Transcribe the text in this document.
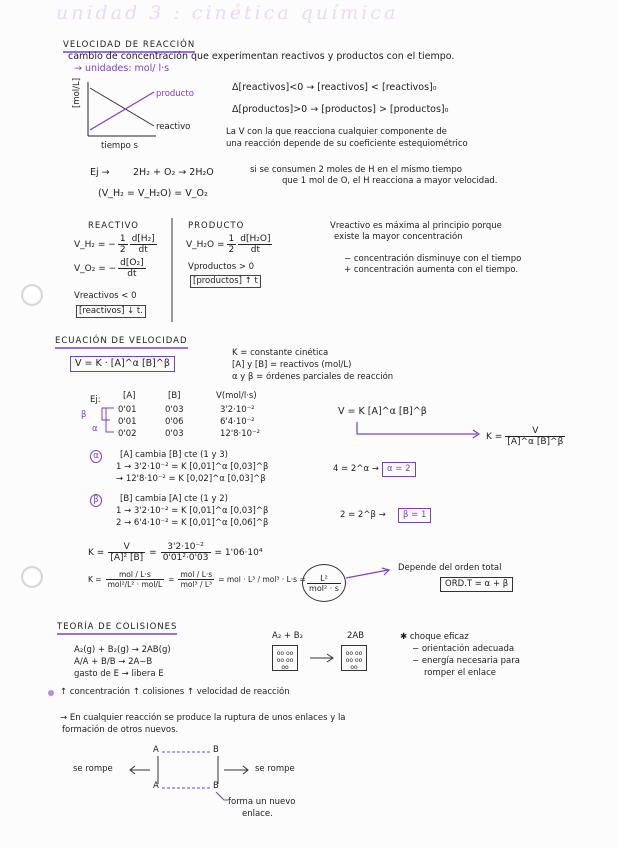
unidad 3 : cinética química
VELOCIDAD DE REACCIÓN
cambio de concentración que experimentan reactivos y productos con el tiempo.
→ unidades: mol/ l·s
[mol/L]
tiempo s
producto
reactivo
Δ[reactivos]<0 → [reactivos] < [reactivos]₀
Δ[productos]>0 → [productos] > [productos]₀
La V con la que reacciona cualquier componente de
una reacción depende de su coeficiente estequiométrico
Ej → 2H₂ + O₂ → 2H₂O	si se consumen 2 moles de H en el mismo tiempo
que 1 mol de O, el H reacciona a mayor velocidad.
(V_H₂ = V_H₂O) = V_O₂
REACTIVO	PRODUCTO
V_H₂ = − $\frac{1}{2} \frac{\text{d[H₂]}}{dt}$
V_O₂ = − $\frac{\text{d[O₂]}}{dt}$
Vreactivos < 0
[reactivos] ↓ t.
V_H₂O = $\frac{1}{2} \frac{\text{d[H₂O]}}{dt}$
Vproductos > 0
[productos] ↑ t
Vreactivo es máxima al principio porque
existe la mayor concentración
− concentración disminuye con el tiempo
+ concentración aumenta con el tiempo.
ECUACIÓN DE VELOCIDAD
V = K · [A]^α [B]^β
K = constante cinética
[A] y [B] = reactivos (mol/L)
α y β = órdenes parciales de reacción
Ej:	[A]	[B]	V(mol/l·s)
0'01	0'03	3'2·10⁻²
0'01	0'06	6'4·10⁻²
0'02	0'03	12'8·10⁻²
β
α
V = K [A]^α [B]^β
$K = \frac{V}{[A]\^{}\alpha [B]\^{}\beta}$
α	[A] cambia [B] cte (1 y 3)
1 → 3'2·10⁻² = K [0,01]^α [0,03]^β
→ 12'8·10⁻² = K [0,02]^α [0,03]^β
4 = 2^α → α = 2
β	[B] cambia [A] cte (1 y 2)
1 → 3'2·10⁻² = K [0,01]^α [0,03]^β
2 → 6'4·10⁻² = K [0,01]^α [0,06]^β
2 = 2^β →	β = 1
$K = \frac{V}{\text{[A]² [B]}} = \frac{\text{3'2·10⁻²}}{\text{0'01²·0'03}} = 1'06\cdot 10^4$
$K = \frac{\text{mol / L·s}}{\text{mol²/L² · mol/L}} = \frac{\text{mol / L·s}}{\text{mol³ / L³}}$ = mol · $L^3 / mol^3 \cdot L\cdot s = \frac{\text{L²}}{\text{mol² · s}}$
Depende del orden total
ORD.T = α + β
TEORÍA DE COLISIONES
A₂(g) + B₂(g) → 2AB(g)
A/A + B/B → 2A−B
gasto de E → libera E
A₂ + B₂	2AB
oo oo
oo oo
oo
oo oo
oo oo
oo
✱ choque eficaz
− orientación adecuada
− energía necesaria para
romper el enlace
↑ concentración ↑ colisiones ↑ velocidad de reacción
→ En cualquier reacción se produce la ruptura de unos enlaces y la
formación de otros nuevos.
A	B
A	B
se rompe	se rompe
forma un nuevo
enlace.
